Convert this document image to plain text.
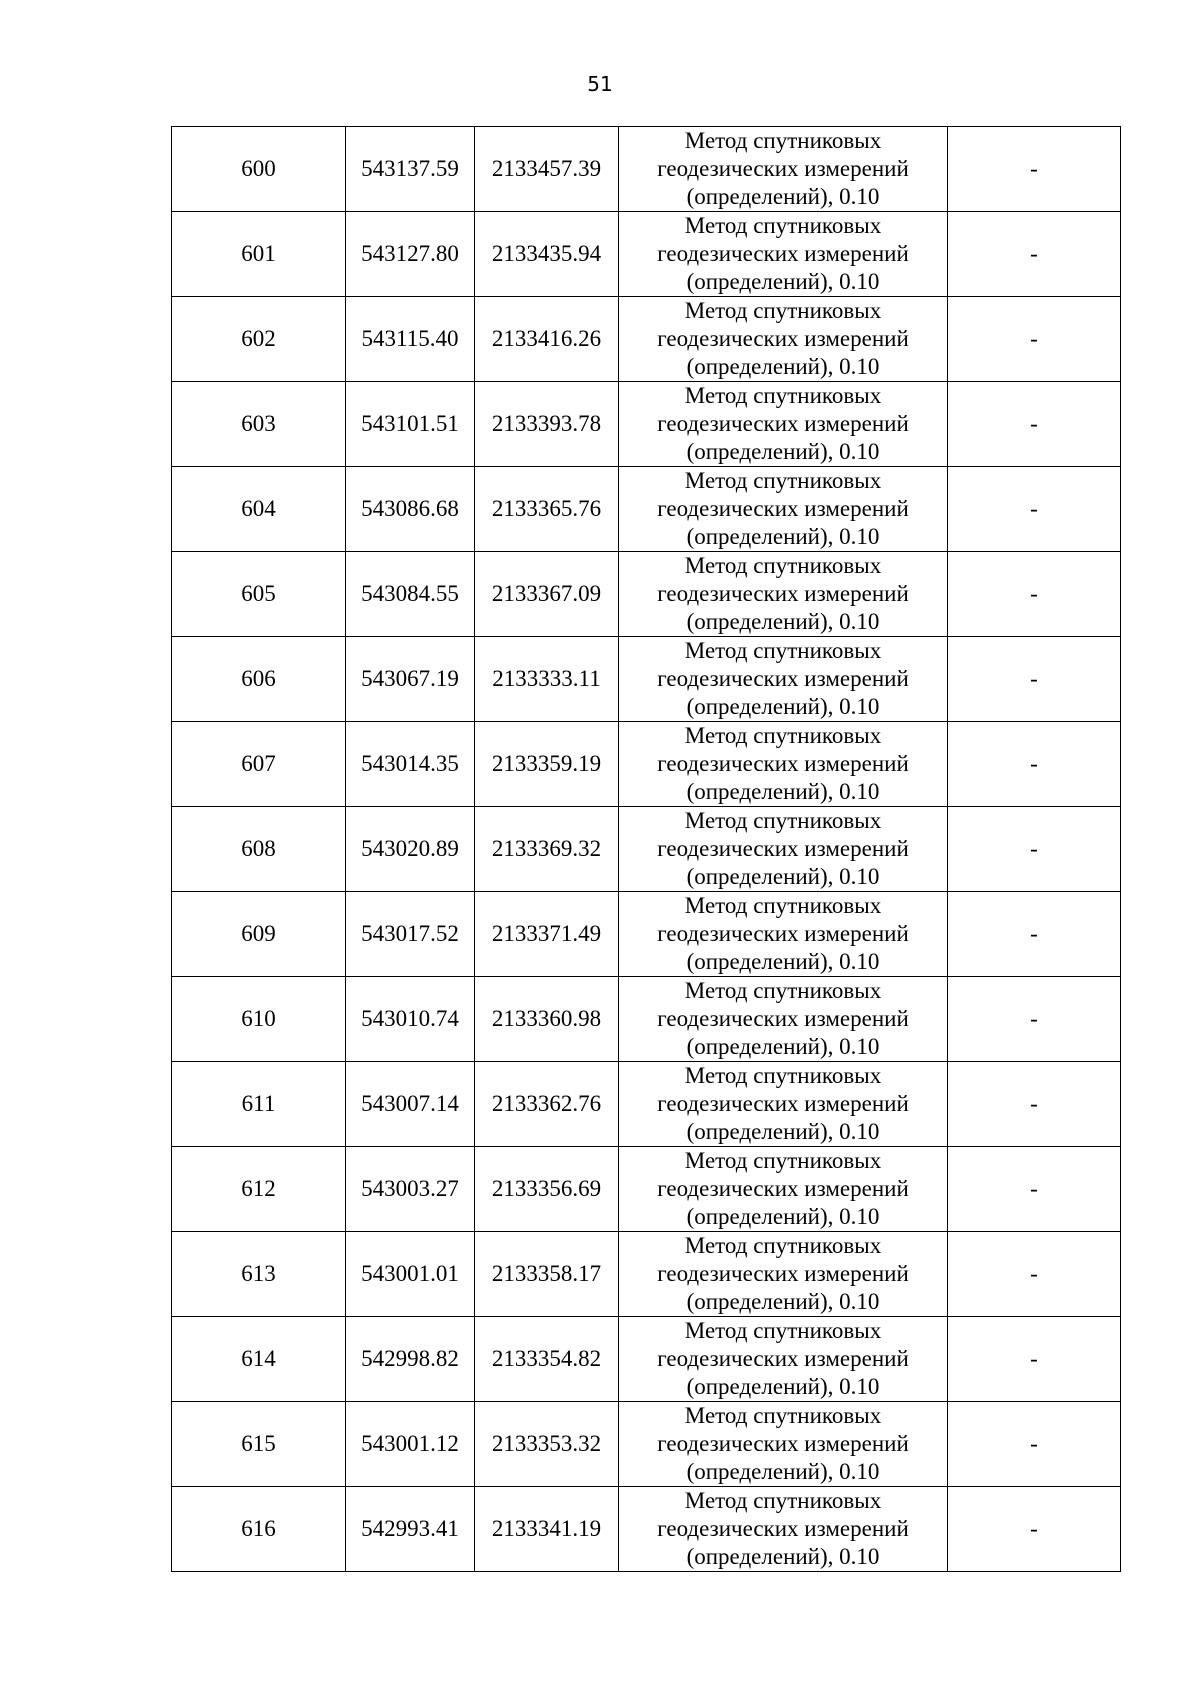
51
600	543137.59	2133457.39	Метод спутниковых
геодезических измерений
(определений), 0.10	-
601	543127.80	2133435.94	Метод спутниковых
геодезических измерений
(определений), 0.10	-
602	543115.40	2133416.26	Метод спутниковых
геодезических измерений
(определений), 0.10	-
603	543101.51	2133393.78	Метод спутниковых
геодезических измерений
(определений), 0.10	-
604	543086.68	2133365.76	Метод спутниковых
геодезических измерений
(определений), 0.10	-
605	543084.55	2133367.09	Метод спутниковых
геодезических измерений
(определений), 0.10	-
606	543067.19	2133333.11	Метод спутниковых
геодезических измерений
(определений), 0.10	-
607	543014.35	2133359.19	Метод спутниковых
геодезических измерений
(определений), 0.10	-
608	543020.89	2133369.32	Метод спутниковых
геодезических измерений
(определений), 0.10	-
609	543017.52	2133371.49	Метод спутниковых
геодезических измерений
(определений), 0.10	-
610	543010.74	2133360.98	Метод спутниковых
геодезических измерений
(определений), 0.10	-
611	543007.14	2133362.76	Метод спутниковых
геодезических измерений
(определений), 0.10	-
612	543003.27	2133356.69	Метод спутниковых
геодезических измерений
(определений), 0.10	-
613	543001.01	2133358.17	Метод спутниковых
геодезических измерений
(определений), 0.10	-
614	542998.82	2133354.82	Метод спутниковых
геодезических измерений
(определений), 0.10	-
615	543001.12	2133353.32	Метод спутниковых
геодезических измерений
(определений), 0.10	-
616	542993.41	2133341.19	Метод спутниковых
геодезических измерений
(определений), 0.10	-
